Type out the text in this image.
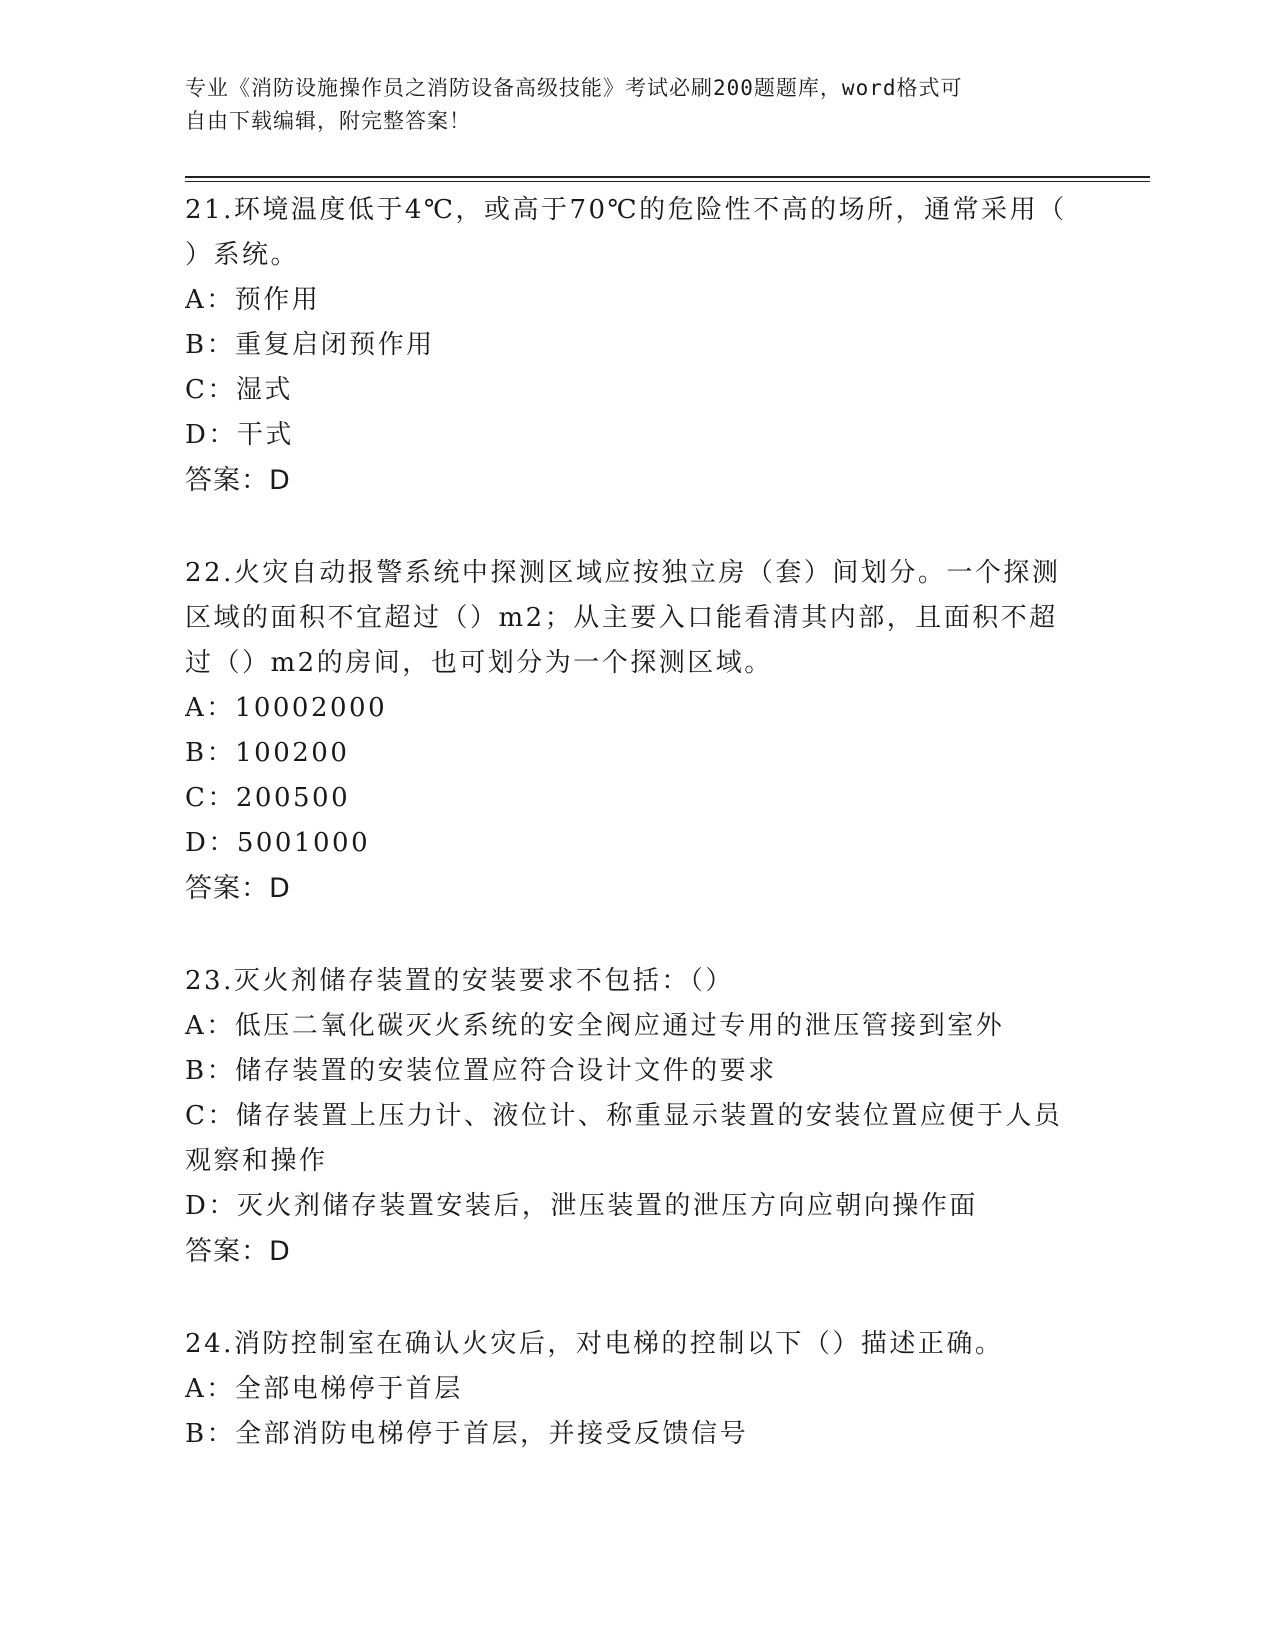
专业《消防设施操作员之消防设备高级技能》考试必刷200题题库，word格式可
自由下载编辑，附完整答案！
21.环境温度低于4℃，或高于70℃的危险性不高的场所，通常采用（
）系统。
A：预作用
B：重复启闭预作用
C：湿式
D：干式
答案：D
22.火灾自动报警系统中探测区域应按独立房（套）间划分。一个探测
区域的面积不宜超过（）m2；从主要入口能看清其内部，且面积不超
过（）m2的房间，也可划分为一个探测区域。
A：10002000
B：100200
C：200500
D：5001000
答案：D
23.灭火剂储存装置的安装要求不包括：（）
A：低压二氧化碳灭火系统的安全阀应通过专用的泄压管接到室外
B：储存装置的安装位置应符合设计文件的要求
C：储存装置上压力计、液位计、称重显示装置的安装位置应便于人员
观察和操作
D：灭火剂储存装置安装后，泄压装置的泄压方向应朝向操作面
答案：D
24.消防控制室在确认火灾后，对电梯的控制以下（）描述正确。
A：全部电梯停于首层
B：全部消防电梯停于首层，并接受反馈信号
